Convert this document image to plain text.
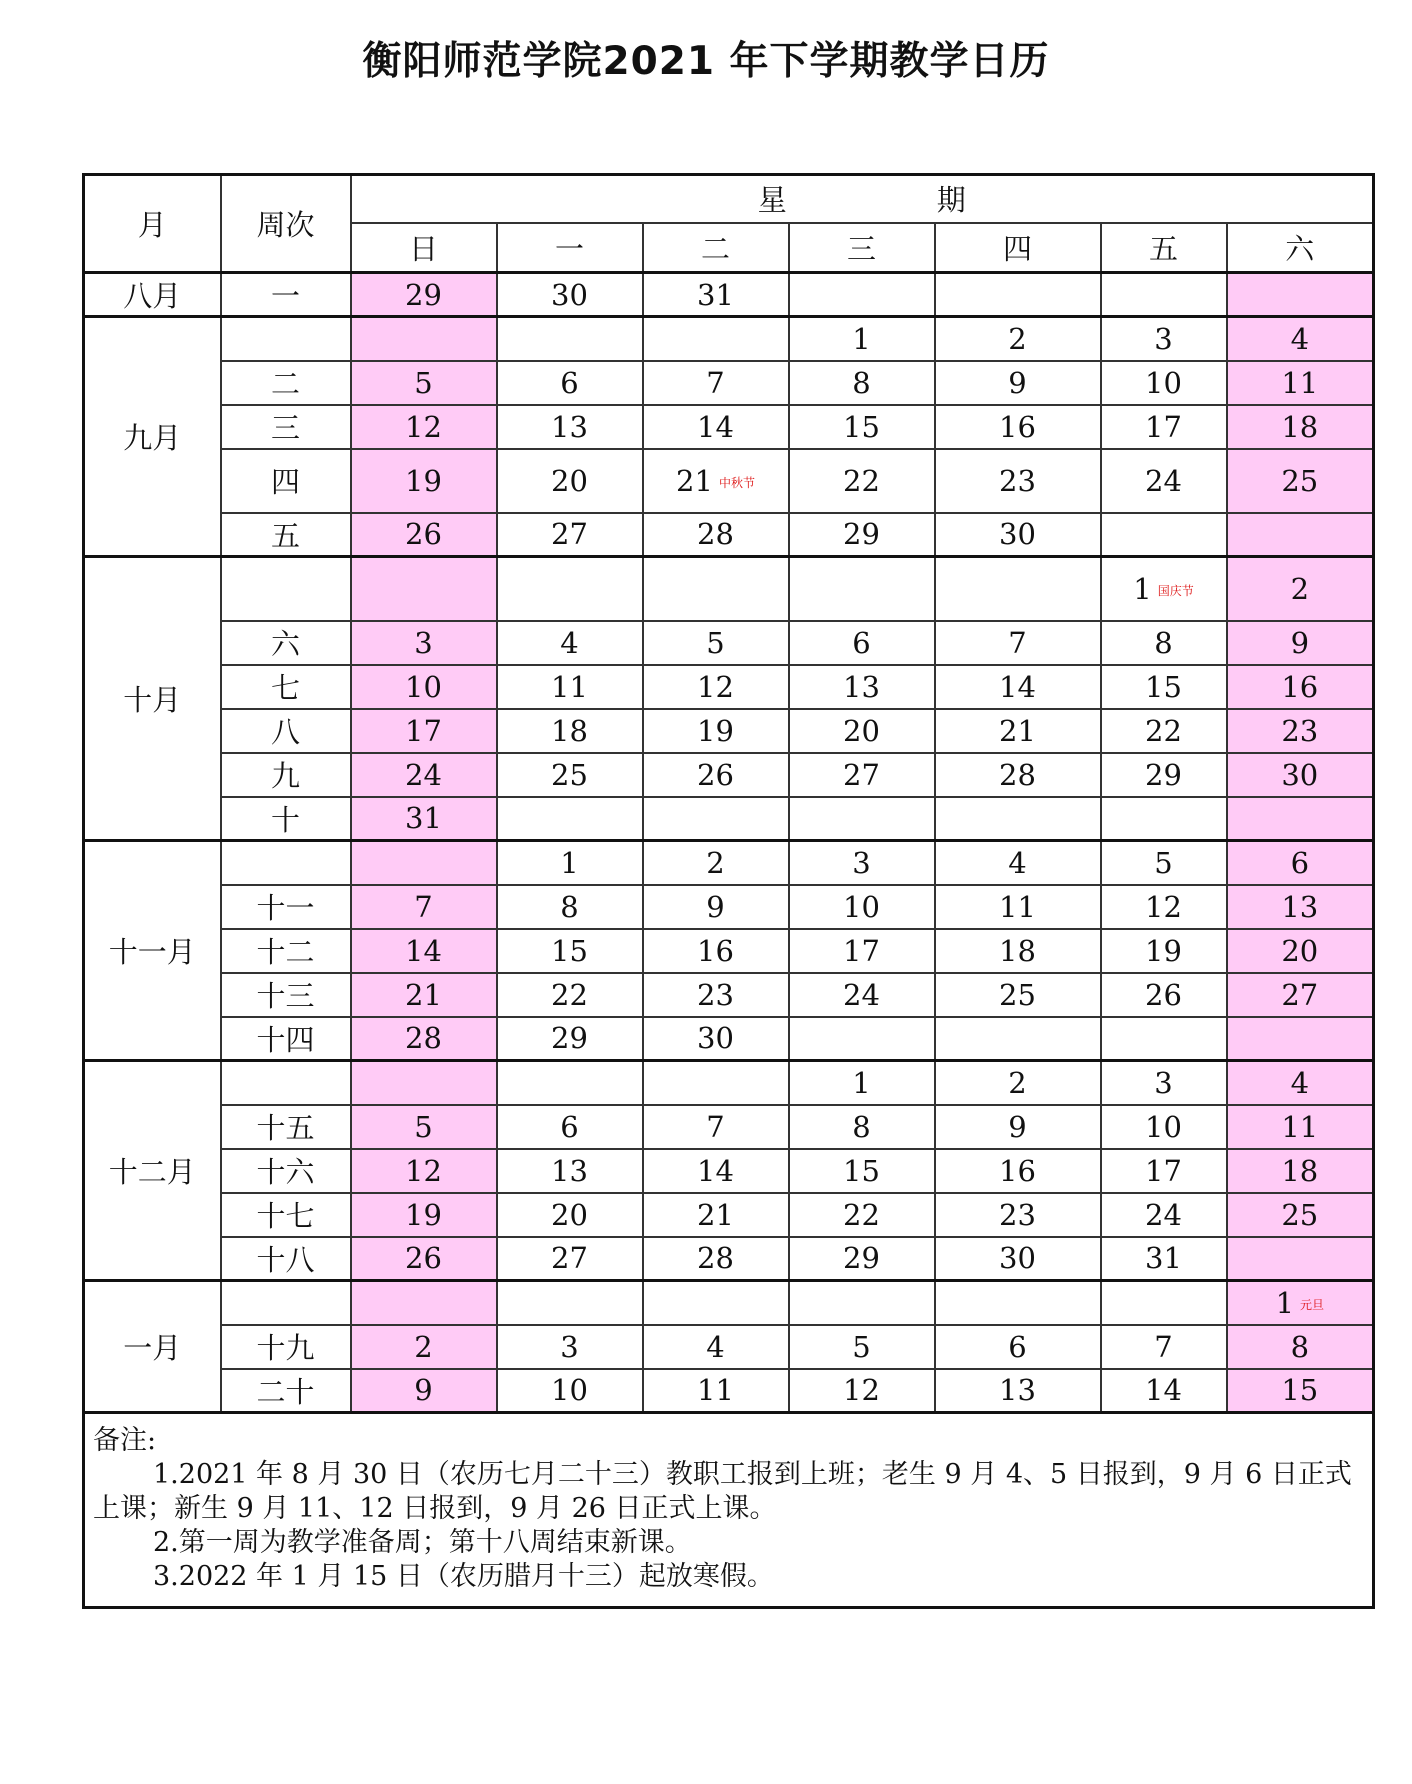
衡阳师范学院2021 年下学期教学日历
月	周次	星 期						
		日	一	二	三	四	五	六
八月	一	29	30	31				
九月					1	2	3	4
	二	5	6	7	8	9	10	11
	三	12	13	14	15	16	17	18
	四	19	20	21 中秋节	22	23	24	25
	五	26	27	28	29	30		
十月							1 国庆节	2
	六	3	4	5	6	7	8	9
	七	10	11	12	13	14	15	16
	八	17	18	19	20	21	22	23
	九	24	25	26	27	28	29	30
	十	31						
十一月			1	2	3	4	5	6
	十一	7	8	9	10	11	12	13
	十二	14	15	16	17	18	19	20
	十三	21	22	23	24	25	26	27
	十四	28	29	30				
十二月					1	2	3	4
	十五	5	6	7	8	9	10	11
	十六	12	13	14	15	16	17	18
	十七	19	20	21	22	23	24	25
	十八	26	27	28	29	30	31	
一月								1 元旦
	十九	2	3	4	5	6	7	8
	二十	9	10	11	12	13	14	15

备注:

1.2021 年 8 月 30 日（农历七月二十三）教职工报到上班；老生 9 月 4、5 日报到，9 月 6 日正式上课；新生 9 月 11、12 日报到，9 月 26 日正式上课。

2.第一周为教学准备周；第十八周结束新课。

3.2022 年 1 月 15 日（农历腊月十三）起放寒假。								
